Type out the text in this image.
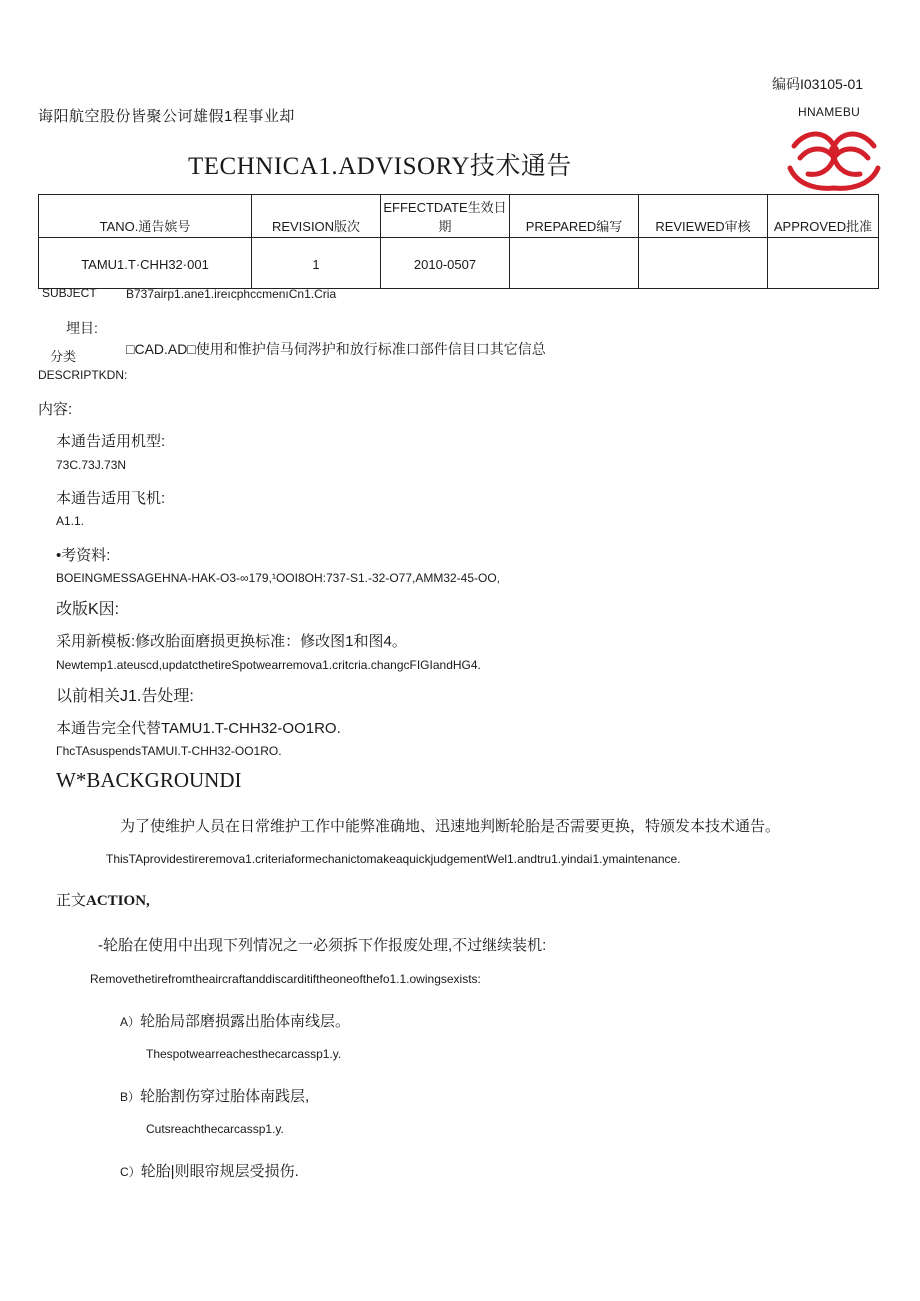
编码I03105-01
诲阳航空股份皆聚公诃雄假1程事业却	HNAMEBU
TECHNICA1.ADVISORY技术通告
TANO.通告嫔号	REVISION版次	EFFECTDATE生效日期	PREPARED编写	REVIEWED审核	APPROVED批准
TAMU1.T·CHH32·001	1	2010-0507			
SUBJECT B737airp1.ane1.ireıcphccmenıCn1.Cria
埋目:
分类	□CAD.AD□使用和惟护信马伺涔护和放行标准口部件信目口其它信总
DESCRIPTKDN:
内容:
本通告适用机型:
73C.73J.73N
本通告适用飞机:
A1.1.
•考资料:
BOEINGMESSAGEHNA-HAK-O3-∞179,¹OOI8OH:737-S1.-32-O77,AMM32-45-OO,
改版K因:
采用新模板:修改胎面磨损更换标准：修改图1和图4。
Newtemp1.ateuscd,updatcthetireSpotwearremova1.critcria.changcFIGIandHG4.
以前相关J1.告处理:
本通告完全代替TAMU1.T-CHH32-OO1RO.
ΓhcTAsuspendsTAMUI.T-CHH32-OO1RO.
W*BACKGROUNDI
为了使维护人员在日常维护工作中能弊准确地、迅速地判断轮胎是否需要更换，特颁发本技术通告。
ThisTAprovidestireremova1.criteriaformechanictomakeaquickjudgementWel1.andtru1.yindai1.ymaintenance.
正文ACTION,
-轮胎在使用中出现下列情况之一必须拆下作报废处理,不过继续装机:
Removethetirefromtheaircraftanddiscarditiftheoneofthefo1.1.owingsexists:
A）轮胎局部磨损露出胎体南线层。
Thespotwearreachesthecarcassp1.y.
B）轮胎割伤穿过胎体南践层,
Cutsreachthecarcassp1.y.
C）轮胎|则眼帘规层受损伤.
